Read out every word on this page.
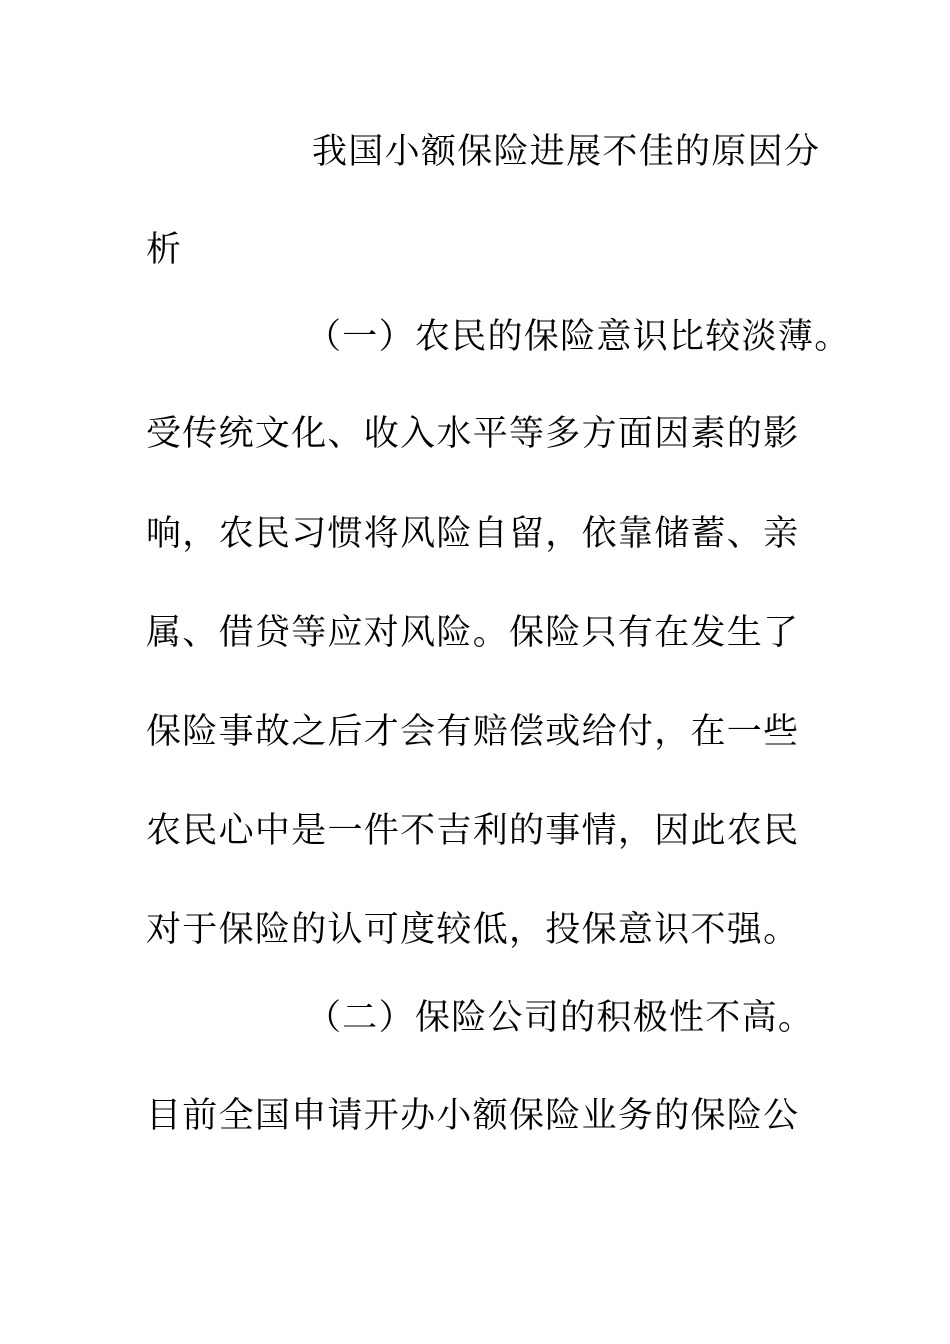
我国小额保险进展不佳的原因分
析
（一）农民的保险意识比较淡薄。
受传统文化、收入水平等多方面因素的影
响，农民习惯将风险自留，依靠储蓄、亲
属、借贷等应对风险。保险只有在发生了
保险事故之后才会有赔偿或给付，在一些
农民心中是一件不吉利的事情，因此农民
对于保险的认可度较低，投保意识不强。
（二）保险公司的积极性不高。
目前全国申请开办小额保险业务的保险公
